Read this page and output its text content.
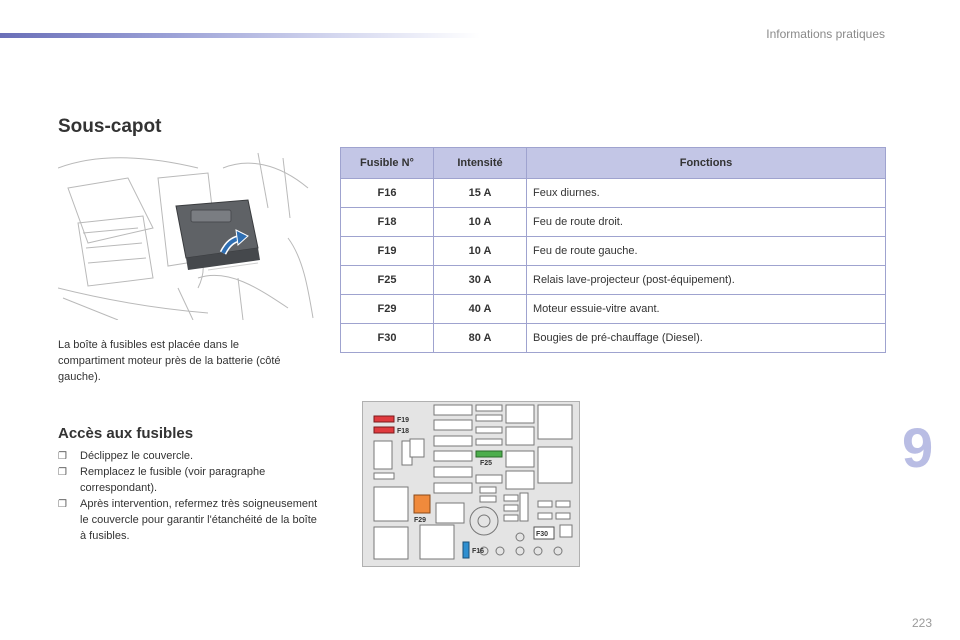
Informations pratiques
Sous-capot

La boîte à fusibles est placée dans le compartiment moteur près de la batterie (côté gauche).

Accès aux fusibles
❐ Déclippez le couvercle.
❐ Remplacez le fusible (voir paragraphe correspondant).
❐ Après intervention, refermez très soigneusement le couvercle pour garantir l'étanchéité de la boîte à fusibles.
Fusible N°	Intensité	Fonctions
F16	15 A	Feux diurnes.
F18	10 A	Feu de route droit.
F19	10 A	Feu de route gauche.
F25	30 A	Relais lave-projecteur (post-équipement).
F29	40 A	Moteur essuie-vitre avant.
F30	80 A	Bougies de pré-chauffage (Diesel).
F19
F18
F25
F29
F16
F30
9
223
